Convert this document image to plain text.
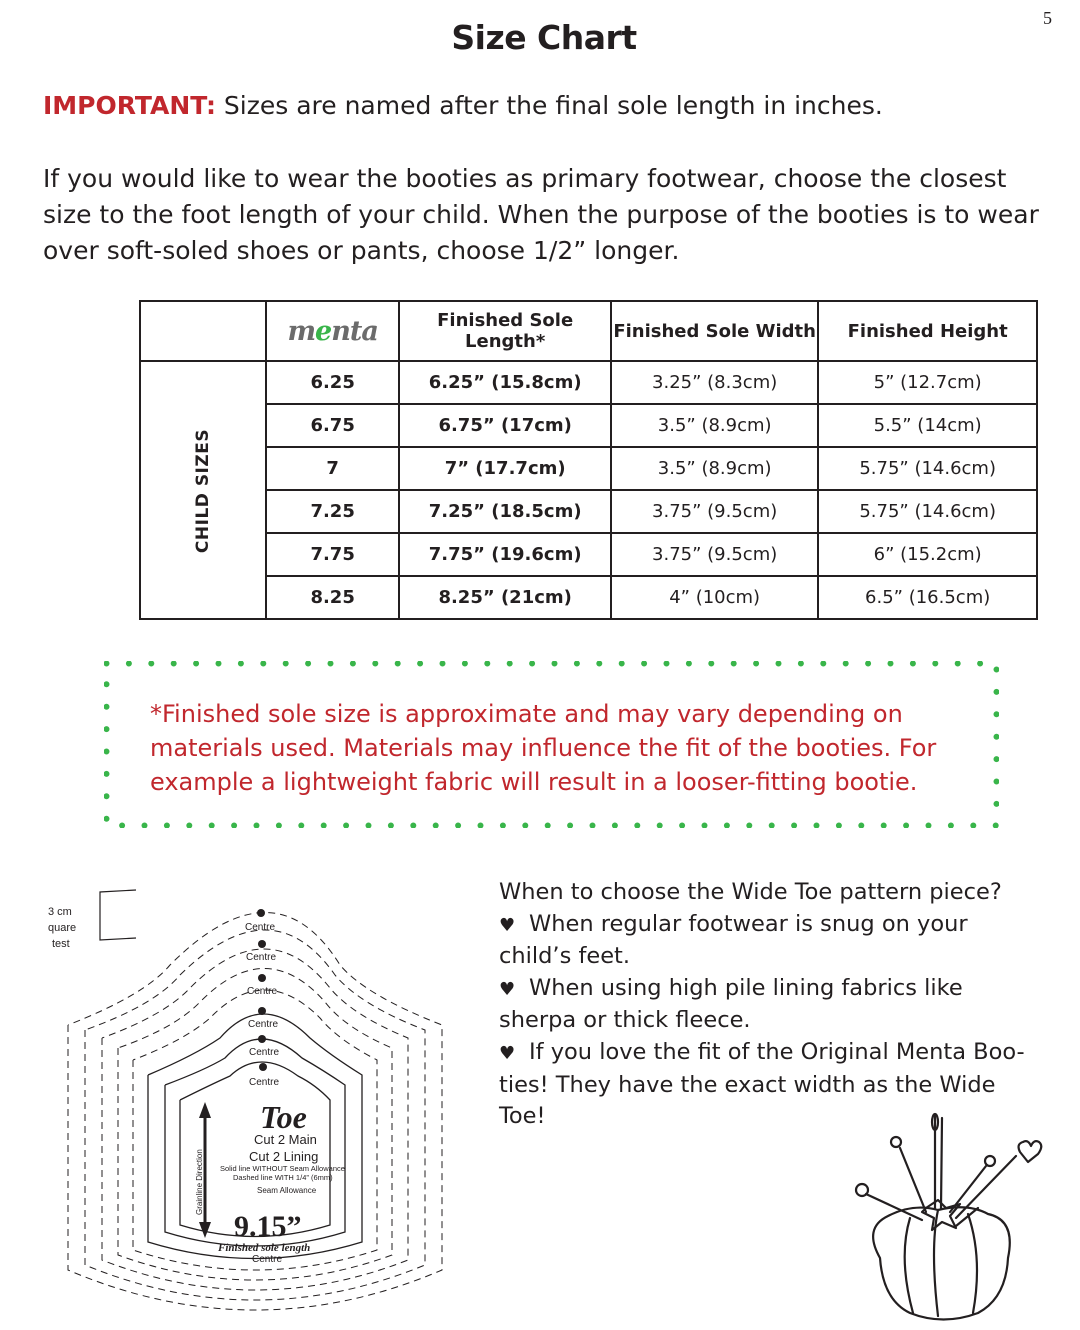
5
Size Chart
IMPORTANT: Sizes are named after the final sole length in inches.
If you would like to wear the booties as primary footwear, choose the closest size to the foot length of your child. When the purpose of the booties is to wear over soft-soled shoes or pants, choose 1/2” longer.
	menta	Finished Sole Length*	Finished Sole Width	Finished Height
CHILD SIZES	6.25	6.25” (15.8cm)	3.25” (8.3cm)	5” (12.7cm)
	6.75	6.75” (17cm)	3.5” (8.9cm)	5.5” (14cm)
	7	7” (17.7cm)	3.5” (8.9cm)	5.75” (14.6cm)
	7.25	7.25” (18.5cm)	3.75” (9.5cm)	5.75” (14.6cm)
	7.75	7.75” (19.6cm)	3.75” (9.5cm)	6” (15.2cm)
	8.25	8.25” (21cm)	4” (10cm)	6.5” (16.5cm)
*Finished sole size is approximate and may vary depending on materials used. Materials may influence the fit of the booties. For example a lightweight fabric will result in a looser-fitting bootie.
3 cm
quare
test
Centre
Centre
Centre
Centre
Centre
Centre
Grainline Direction
Toe
Cut 2 Main
Cut 2 Lining
Solid line WITHOUT Seam Allowance
Dashed line WITH 1/4” (6mm)
Seam Allowance
9.15”
Finished sole length
Centre

When to choose the Wide Toe pattern piece?

♥ When regular footwear is snug on your child’s feet.

♥ When using high pile lining fabrics like sherpa or thick fleece.

♥ If you love the fit of the Original Menta Boo-ties! They have the exact width as the Wide Toe!
